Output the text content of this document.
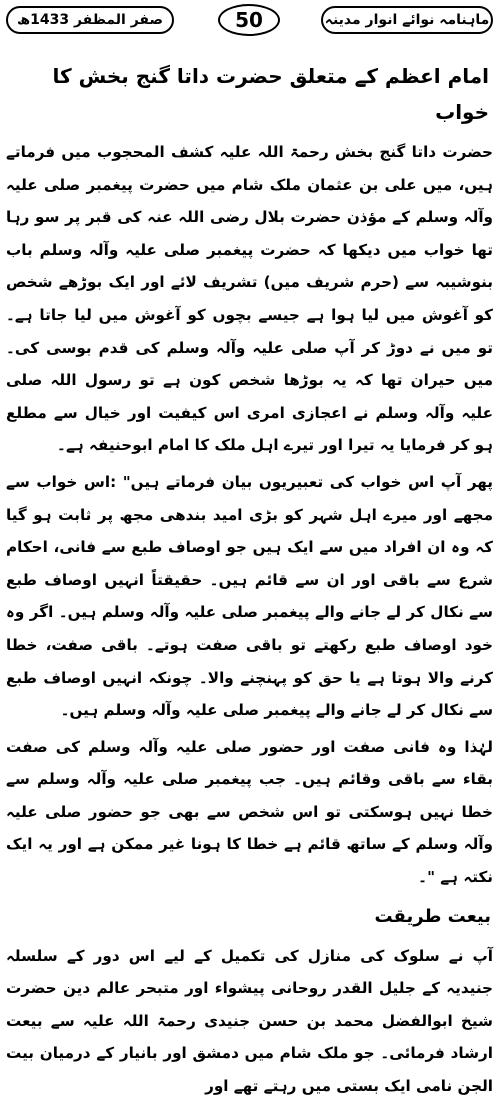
صفر المظفر 1433ھ	50	ماہنامہ نوائے انوار مدینہ
امام اعظم کے متعلق حضرت داتا گنج بخش کا خواب

حضرت داتا گنج بخش رحمۃ اللہ علیہ کشف المحجوب میں فرماتے ہیں، میں علی بن عثمان ملک شام میں حضرت پیغمبر صلی علیہ وآلہ وسلم کے مؤذن حضرت بلال رضی اللہ عنہ کی قبر پر سو رہا تھا خواب میں دیکھا کہ حضرت پیغمبر صلی علیہ وآلہ وسلم باب بنوشیبہ سے (حرم شریف میں) تشریف لائے اور ایک بوڑھے شخص کو آغوش میں لیا ہوا ہے جیسے بچوں کو آغوش میں لیا جاتا ہے۔ تو میں نے دوڑ کر آپ صلی علیہ وآلہ وسلم کی قدم بوسی کی۔ میں حیران تھا کہ یہ بوڑھا شخص کون ہے تو رسول اللہ صلی علیہ وآلہ وسلم نے اعجازی امری اس کیفیت اور خیال سے مطلع ہو کر فرمایا یہ تیرا اور تیرے اہل ملک کا امام ابوحنیفہ ہے۔

پھر آپ اس خواب کی تعبیریوں بیان فرماتے ہیں" :اس خواب سے مجھے اور میرے اہل شہر کو بڑی امید بندھی مجھ پر ثابت ہو گیا کہ وہ ان افراد میں سے ایک ہیں جو اوصاف طبع سے فانی، احکام شرع سے باقی اور ان سے قائم ہیں۔ حقیقتاً انہیں اوصاف طبع سے نکال کر لے جانے والے پیغمبر صلی علیہ وآلہ وسلم ہیں۔ اگر وہ خود اوصاف طبع رکھتے تو باقی صفت ہوتے۔ باقی صفت، خطا کرنے والا ہوتا ہے یا حق کو پہنچنے والا۔ چونکہ انہیں اوصاف طبع سے نکال کر لے جانے والے پیغمبر صلی علیہ وآلہ وسلم ہیں۔

لہٰذا وہ فانی صفت اور حضور صلی علیہ وآلہ وسلم کی صفت بقاء سے باقی وقائم ہیں۔ جب پیغمبر صلی علیہ وآلہ وسلم سے خطا نہیں ہوسکتی تو اس شخص سے بھی جو حضور صلی علیہ وآلہ وسلم کے ساتھ قائم ہے خطا کا ہونا غیر ممکن ہے اور یہ ایک نکتہ ہے "۔

بیعت طریقت

آپ نے سلوک کی منازل کی تکمیل کے لیے اس دور کے سلسلہ جنیدیہ کے جلیل القدر روحانی پیشواء اور متبحر عالم دین حضرت شیخ ابوالفضل محمد بن حسن جنیدی رحمۃ اللہ علیہ سے بیعت ارشاد فرمائی۔ جو ملک شام میں دمشق اور بانیار کے درمیان بیت الجن نامی ایک بستی میں رہتے تھے اور
